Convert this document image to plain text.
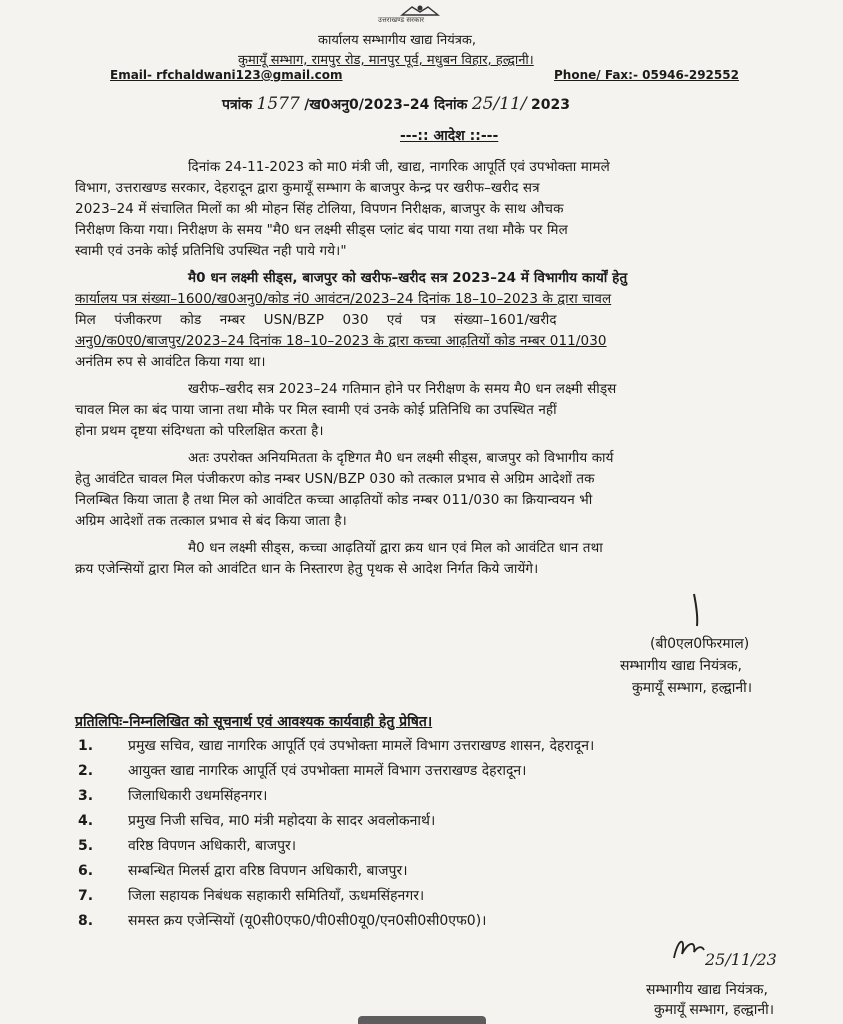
उत्तराखण्ड सरकार
कार्यालय सम्भागीय खाद्य नियंत्रक,
कुमायूँ सम्भाग, रामपुर रोड, मानपुर पूर्व, मधुबन विहार, हल्द्वानी।
Email- rfchaldwani123@gmail.com	Phone/ Fax:- 05946-292552
पत्रांक 1577 /ख0अनु0/2023–24 दिनांक 25/11/ 2023
---:: आदेश ::---
दिनांक 24-11-2023 को मा0 मंत्री जी, खाद्य, नागरिक आपूर्ति एवं उपभोक्ता मामले
विभाग, उत्तराखण्ड सरकार, देहरादून द्वारा कुमायूँ सम्भाग के बाजपुर केन्द्र पर खरीफ–खरीद सत्र
2023–24 में संचालित मिलों का श्री मोहन सिंह टोलिया, विपणन निरीक्षक, बाजपुर के साथ औचक
निरीक्षण किया गया। निरीक्षण के समय "मै0 धन लक्ष्मी सीड्स प्लांट बंद पाया गया तथा मौके पर मिल
स्वामी एवं उनके कोई प्रतिनिधि उपस्थित नही पाये गये।"
मै0 धन लक्ष्मी सीड्स, बाजपुर को खरीफ–खरीद सत्र 2023–24 में विभागीय कार्यों हेतु
कार्यालय पत्र संख्या–1600/ख0अनु0/कोड नं0 आवंटन/2023–24 दिनांक 18–10–2023 के द्वारा चावल
मिल पंजीकरण कोड नम्बर USN/BZP 030 एवं पत्र संख्या–1601/खरीद
अनु0/क0ए0/बाजपुर/2023–24 दिनांक 18–10–2023 के द्वारा कच्चा आढ़तियों कोड नम्बर 011/030
अनंतिम रुप से आवंटित किया गया था।
खरीफ–खरीद सत्र 2023–24 गतिमान होने पर निरीक्षण के समय मै0 धन लक्ष्मी सीड्स
चावल मिल का बंद पाया जाना तथा मौके पर मिल स्वामी एवं उनके कोई प्रतिनिधि का उपस्थित नहीं
होना प्रथम दृष्टया संदिग्धता को परिलक्षित करता है।
अतः उपरोक्त अनियमितता के दृष्टिगत मै0 धन लक्ष्मी सीड्स, बाजपुर को विभागीय कार्य
हेतु आवंटित चावल मिल पंजीकरण कोड नम्बर USN/BZP 030 को तत्काल प्रभाव से अग्रिम आदेशों तक
निलम्बित किया जाता है तथा मिल को आवंटित कच्चा आढ़तियों कोड नम्बर 011/030 का क्रियान्वयन भी
अग्रिम आदेशों तक तत्काल प्रभाव से बंद किया जाता है।
मै0 धन लक्ष्मी सीड्स, कच्चा आढ़तियों द्वारा क्रय धान एवं मिल को आवंटित धान तथा
क्रय एजेन्सियों द्वारा मिल को आवंटित धान के निस्तारण हेतु पृथक से आदेश निर्गत किये जायेंगे।
(बी0एल0फिरमाल)
सम्भागीय खाद्य नियंत्रक,
कुमायूँ सम्भाग, हल्द्वानी।
प्रतिलिपिः–निम्नलिखित को सूचनार्थ एवं आवश्यक कार्यवाही हेतु प्रेषित।
1. प्रमुख सचिव, खाद्य नागरिक आपूर्ति एवं उपभोक्ता मामलें विभाग उत्तराखण्ड शासन, देहरादून।
2. आयुक्त खाद्य नागरिक आपूर्ति एवं उपभोक्ता मामलें विभाग उत्तराखण्ड देहरादून।
3. जिलाधिकारी उधमसिंहनगर।
4. प्रमुख निजी सचिव, मा0 मंत्री महोदया के सादर अवलोकनार्थ।
5. वरिष्ठ विपणन अधिकारी, बाजपुर।
6. सम्बन्धित मिलर्स द्वारा वरिष्ठ विपणन अधिकारी, बाजपुर।
7. जिला सहायक निबंधक सहाकारी समितियाँ, ऊधमसिंहनगर।
8. समस्त क्रय एजेन्सियों (यू0सी0एफ0/पी0सी0यू0/एन0सी0सी0एफ0)।
25/11/23
सम्भागीय खाद्य नियंत्रक,
कुमायूँ सम्भाग, हल्द्वानी।
